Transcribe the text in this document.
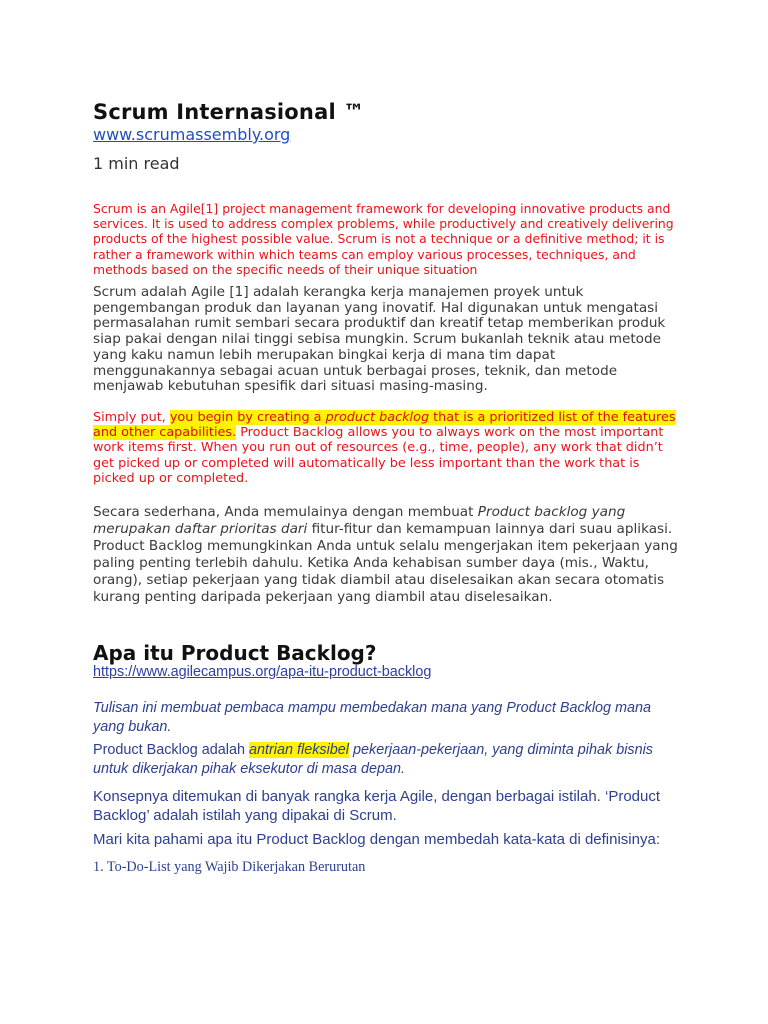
Scrum Internasional ™
www.scrumassembly.org
1 min read

Scrum is an Agile[1] project management framework for developing innovative products and services. It is used to address complex problems, while productively and creatively delivering products of the highest possible value. Scrum is not a technique or a definitive method; it is rather a framework within which teams can employ various processes, techniques, and methods based on the specific needs of their unique situation

Scrum adalah Agile [1] adalah kerangka kerja manajemen proyek untuk pengembangan produk dan layanan yang inovatif. Hal digunakan untuk mengatasi permasalahan rumit sembari secara produktif dan kreatif tetap memberikan produk siap pakai dengan nilai tinggi sebisa mungkin. Scrum bukanlah teknik atau metode yang kaku namun lebih merupakan bingkai kerja di mana tim dapat menggunakannya sebagai acuan untuk berbagai proses, teknik, dan metode menjawab kebutuhan spesifik dari situasi masing-masing.

Simply put, you begin by creating a product backlog that is a prioritized list of the features and other capabilities. Product Backlog allows you to always work on the most important work items first. When you run out of resources (e.g., time, people), any work that didn’t get picked up or completed will automatically be less important than the work that is picked up or completed.

Secara sederhana, Anda memulainya dengan membuat Product backlog yang merupakan daftar prioritas dari fitur-fitur dan kemampuan lainnya dari suau aplikasi. Product Backlog memungkinkan Anda untuk selalu mengerjakan item pekerjaan yang paling penting terlebih dahulu. Ketika Anda kehabisan sumber daya (mis., Waktu, orang), setiap pekerjaan yang tidak diambil atau diselesaikan akan secara otomatis kurang penting daripada pekerjaan yang diambil atau diselesaikan.

Apa itu Product Backlog?
https://www.agilecampus.org/apa-itu-product-backlog

Tulisan ini membuat pembaca mampu membedakan mana yang Product Backlog mana yang bukan.

Product Backlog adalah antrian fleksibel pekerjaan-pekerjaan, yang diminta pihak bisnis untuk dikerjakan pihak eksekutor di masa depan.

Konsepnya ditemukan di banyak rangka kerja Agile, dengan berbagai istilah. ‘Product Backlog’ adalah istilah yang dipakai di Scrum.

Mari kita pahami apa itu Product Backlog dengan membedah kata-kata di definisinya:

1. To-Do-List yang Wajib Dikerjakan Berurutan
